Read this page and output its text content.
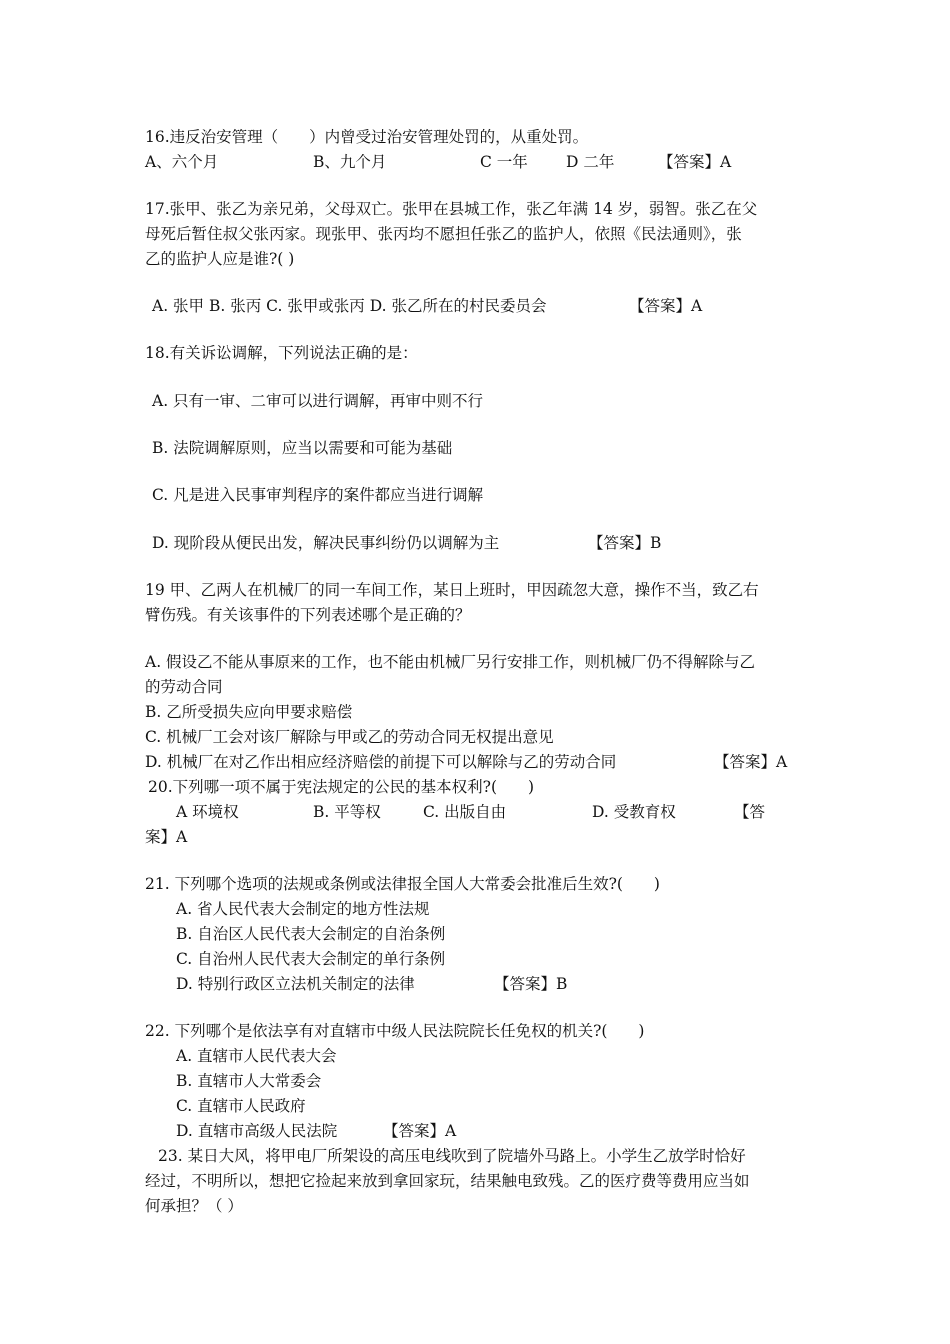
16.违反治安管理（　　）内曾受过治安管理处罚的，从重处罚。
A、六个月	B、九个月	C 一年 D 二年	【答案】A
17.张甲、张乙为亲兄弟，父母双亡。张甲在县城工作，张乙年满 14 岁，弱智。张乙在父
母死后暂住叔父张丙家。现张甲、张丙均不愿担任张乙的监护人，依照《民法通则》，张
乙的监护人应是谁?( )
A. 张甲 B. 张丙 C. 张甲或张丙 D. 张乙所在的村民委员会	【答案】A
18.有关诉讼调解，下列说法正确的是：
A. 只有一审、二审可以进行调解，再审中则不行
B. 法院调解原则，应当以需要和可能为基础
C. 凡是进入民事审判程序的案件都应当进行调解
D. 现阶段从便民出发，解决民事纠纷仍以调解为主	【答案】B
19 甲、乙两人在机械厂的同一车间工作，某日上班时，甲因疏忽大意，操作不当，致乙右
臂伤残。有关该事件的下列表述哪个是正确的？
A. 假设乙不能从事原来的工作，也不能由机械厂另行安排工作，则机械厂仍不得解除与乙
的劳动合同
B. 乙所受损失应向甲要求赔偿
C. 机械厂工会对该厂解除与甲或乙的劳动合同无权提出意见
D. 机械厂在对乙作出相应经济赔偿的前提下可以解除与乙的劳动合同	【答案】A
20.下列哪一项不属于宪法规定的公民的基本权利?(　　)
A 环境权	B. 平等权	C. 出版自由	D. 受教育权	【答
案】A
21. 下列哪个选项的法规或条例或法律报全国人大常委会批准后生效?(　　)
A. 省人民代表大会制定的地方性法规
B. 自治区人民代表大会制定的自治条例
C. 自治州人民代表大会制定的单行条例
D. 特别行政区立法机关制定的法律	【答案】B
22. 下列哪个是依法享有对直辖市中级人民法院院长任免权的机关?(　　)
A. 直辖市人民代表大会
B. 直辖市人大常委会
C. 直辖市人民政府
D. 直辖市高级人民法院	【答案】A
23. 某日大风，将甲电厂所架设的高压电线吹到了院墙外马路上。小学生乙放学时恰好
经过，不明所以，想把它捡起来放到拿回家玩，结果触电致残。乙的医疗费等费用应当如
何承担？（ ）
